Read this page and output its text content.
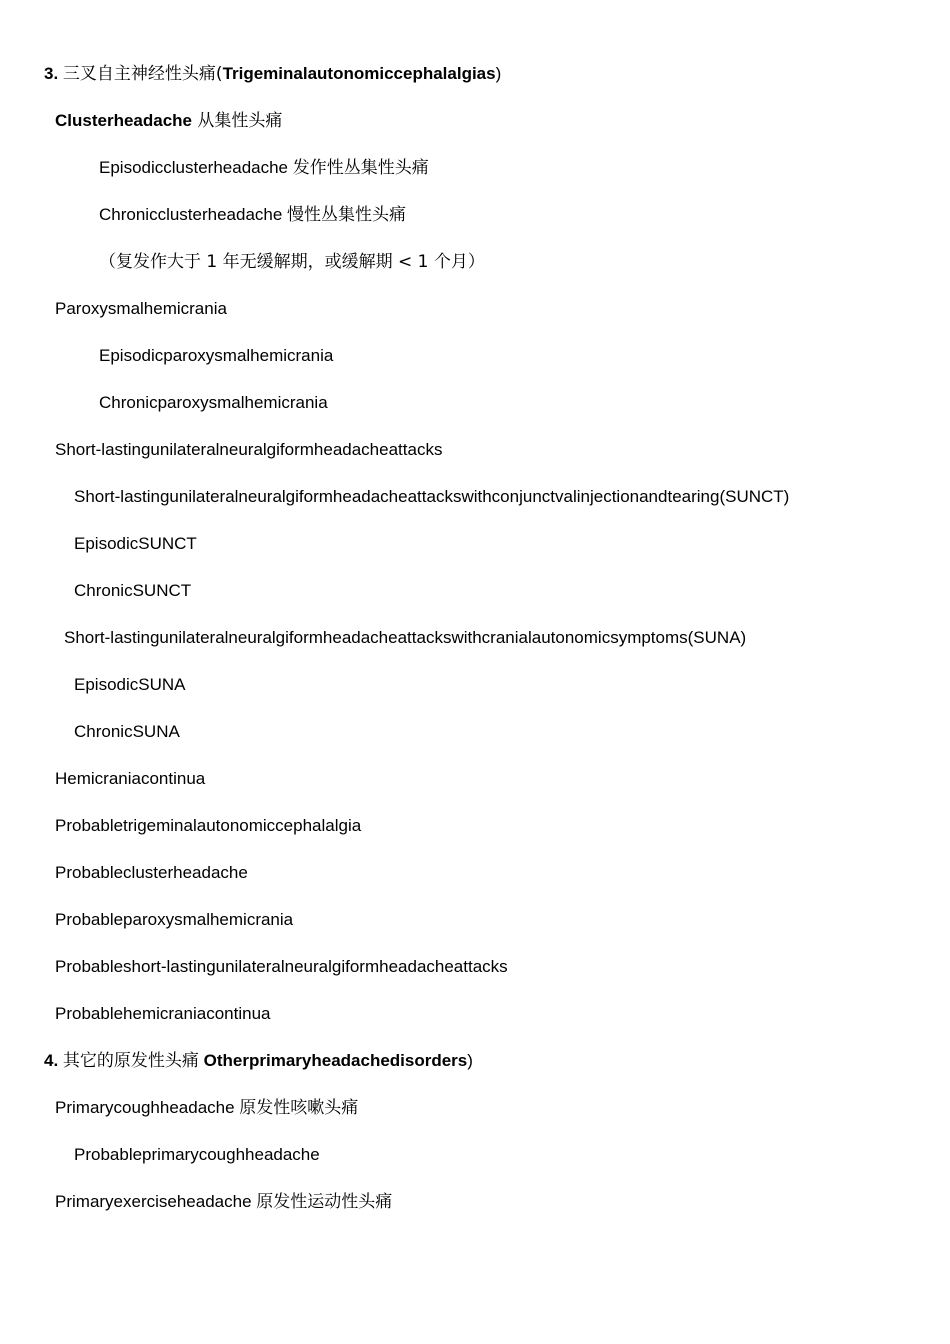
3. 三叉自主神经性头痛(Trigeminalautonomiccephalalgias)
Clusterheadache 从集性头痛
Episodicclusterheadache 发作性丛集性头痛
Chronicclusterheadache 慢性丛集性头痛
（复发作大于 1 年无缓解期，或缓解期 < 1 个月）
Paroxysmalhemicrania
Episodicparoxysmalhemicrania
Chronicparoxysmalhemicrania
Short-lastingunilateralneuralgiformheadacheattacks
Short-lastingunilateralneuralgiformheadacheattackswithconjunctvalinjectionandtearing(SUNCT)
EpisodicSUNCT
ChronicSUNCT
Short-lastingunilateralneuralgiformheadacheattackswithcranialautonomicsymptoms(SUNA)
EpisodicSUNA
ChronicSUNA
Hemicraniacontinua
Probabletrigeminalautonomiccephalalgia
Probableclusterheadache
Probableparoxysmalhemicrania
Probableshort-lastingunilateralneuralgiformheadacheattacks
Probablehemicraniacontinua
4. 其它的原发性头痛 Otherprimaryheadachedisorders)
Primarycoughheadache 原发性咳嗽头痛
Probableprimarycoughheadache
Primaryexerciseheadache 原发性运动性头痛
